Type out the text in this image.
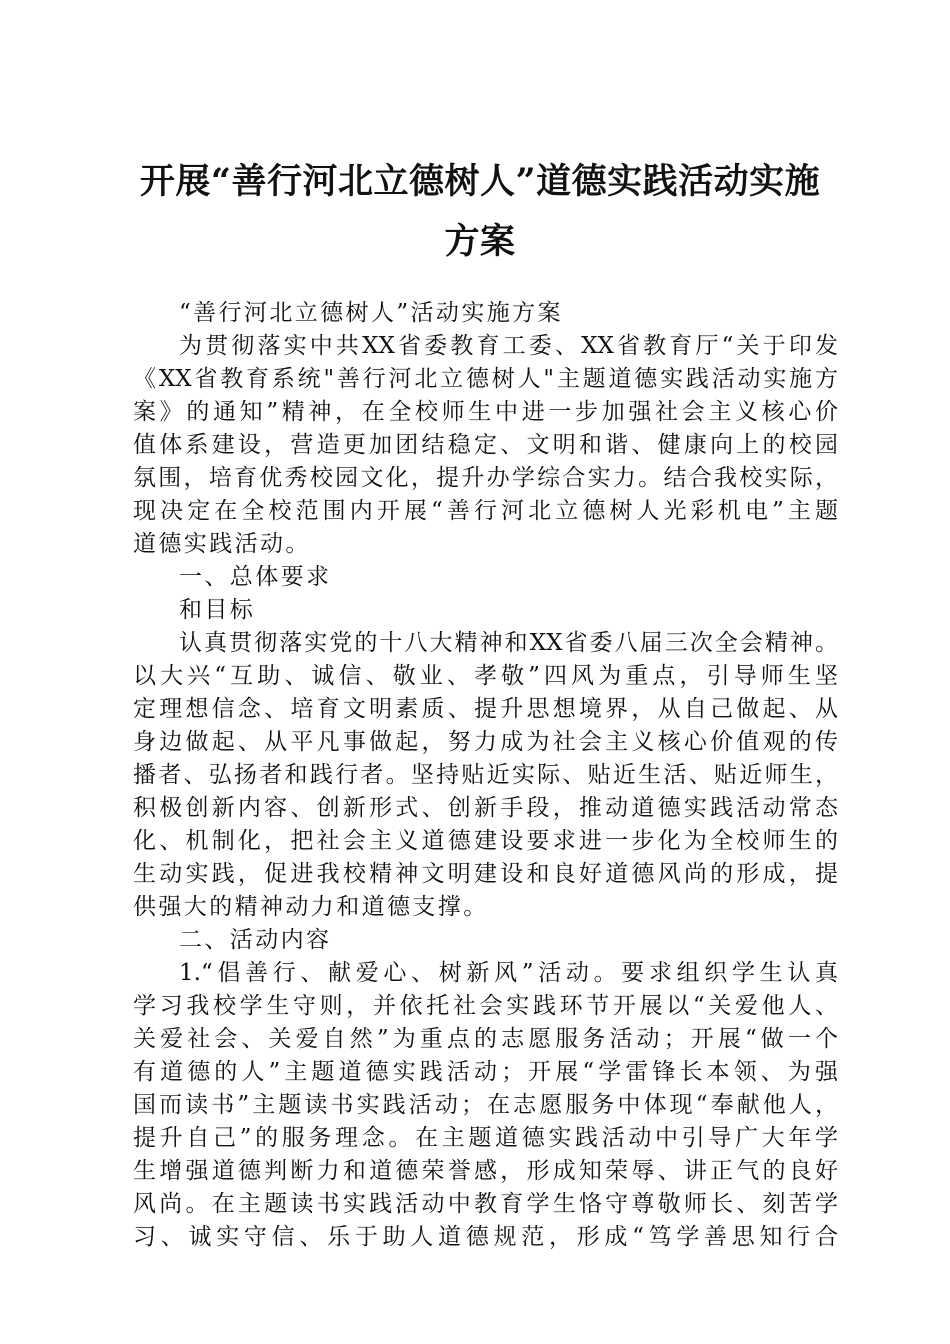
开展“善行河北立德树人”道德实践活动实施
方案
“善行河北立德树人”活动实施方案
为贯彻落实中共XX省委教育工委、XX省教育厅“关于印发
《XX省教育系统"善行河北立德树人"主题道德实践活动实施方
案》的通知”精神，在全校师生中进一步加强社会主义核心价
值体系建设，营造更加团结稳定、文明和谐、健康向上的校园
氛围，培育优秀校园文化，提升办学综合实力。结合我校实际，
现决定在全校范围内开展“善行河北立德树人光彩机电”主题
道德实践活动。
一、总体要求
和目标
认真贯彻落实党的十八大精神和XX省委八届三次全会精神。
以大兴“互助、诚信、敬业、孝敬”四风为重点，引导师生坚
定理想信念、培育文明素质、提升思想境界，从自己做起、从
身边做起、从平凡事做起，努力成为社会主义核心价值观的传
播者、弘扬者和践行者。坚持贴近实际、贴近生活、贴近师生，
积极创新内容、创新形式、创新手段，推动道德实践活动常态
化、机制化，把社会主义道德建设要求进一步化为全校师生的
生动实践，促进我校精神文明建设和良好道德风尚的形成，提
供强大的精神动力和道德支撑。
二、活动内容
1.“倡善行、献爱心、树新风”活动。要求组织学生认真
学习我校学生守则，并依托社会实践环节开展以“关爱他人、
关爱社会、关爱自然”为重点的志愿服务活动；开展“做一个
有道德的人”主题道德实践活动；开展“学雷锋长本领、为强
国而读书”主题读书实践活动；在志愿服务中体现“奉献他人，
提升自己”的服务理念。在主题道德实践活动中引导广大年学
生增强道德判断力和道德荣誉感，形成知荣辱、讲正气的良好
风尚。在主题读书实践活动中教育学生恪守尊敬师长、刻苦学
习、诚实守信、乐于助人道德规范，形成“笃学善思知行合
